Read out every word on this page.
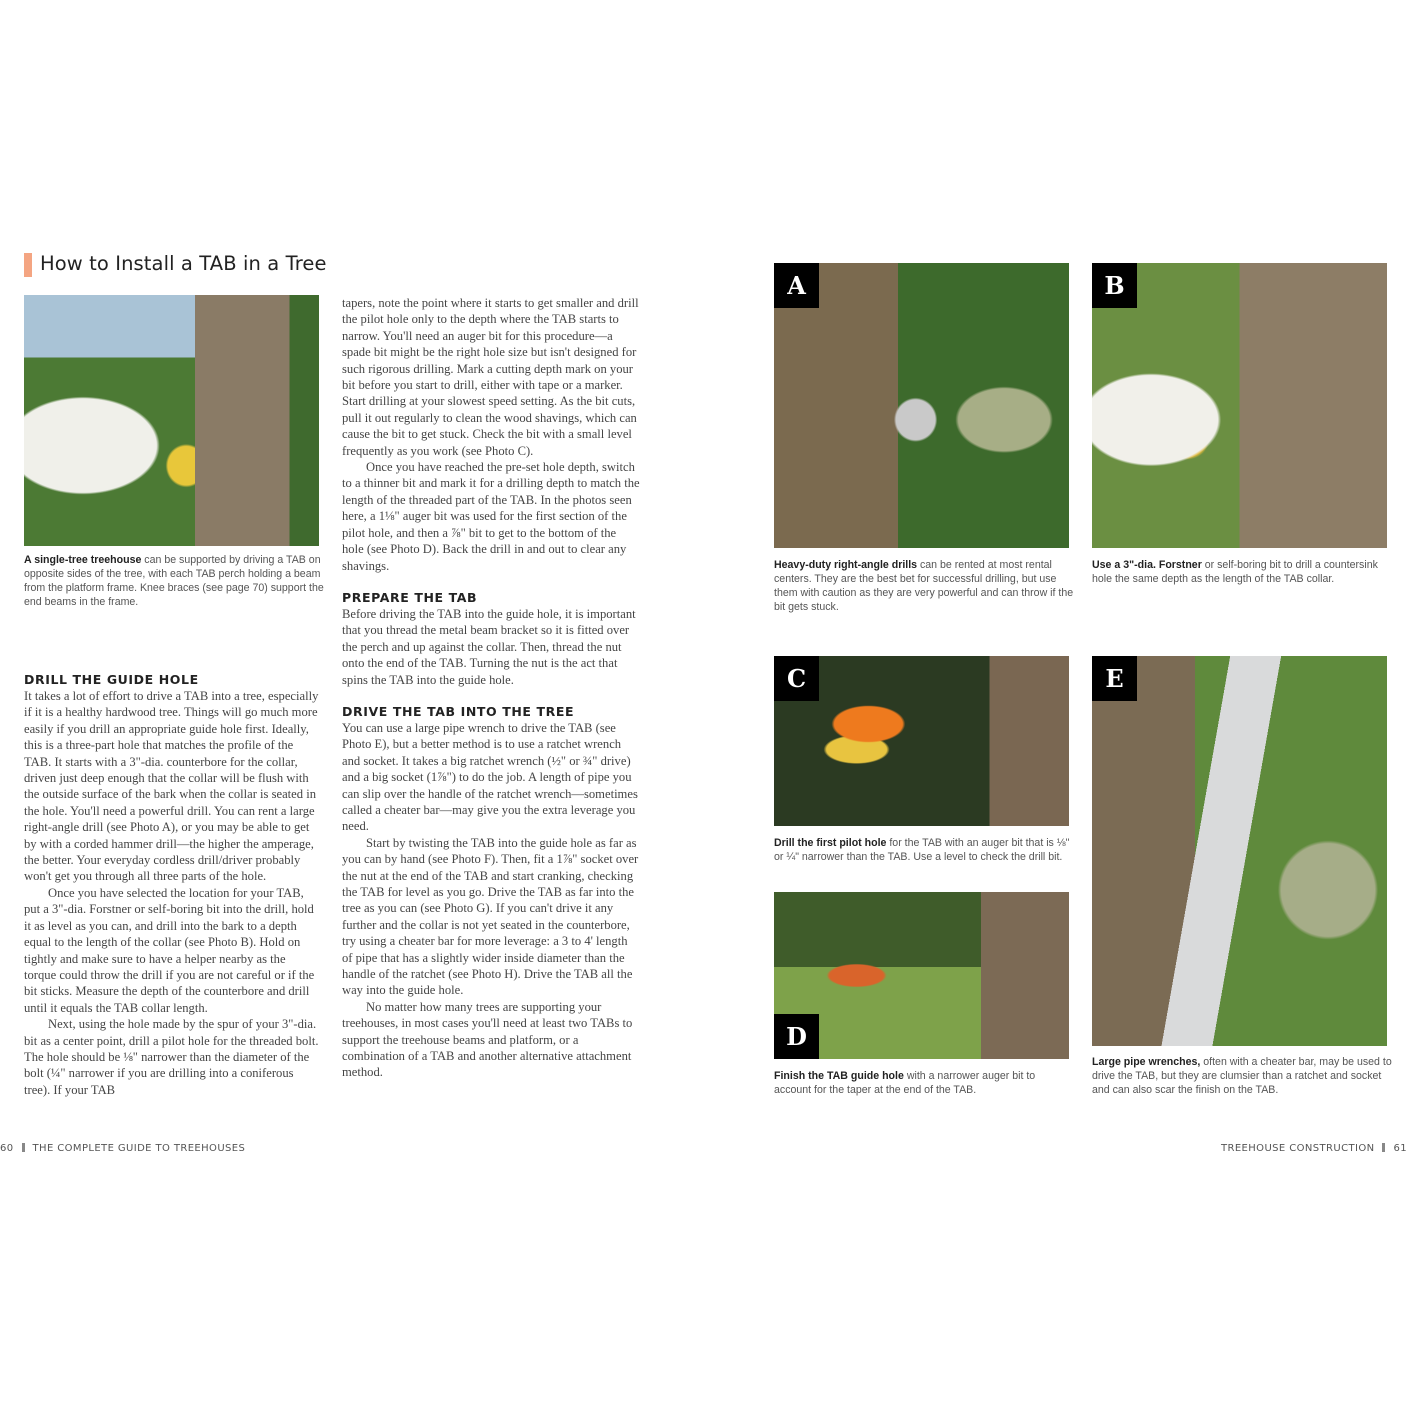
How to Install a TAB in a Tree
A single-tree treehouse can be supported by driving a TAB on opposite sides of the tree, with each TAB perch holding a beam from the platform frame. Knee braces (see page 70) support the end beams in the frame.
DRILL THE GUIDE HOLE

It takes a lot of effort to drive a TAB into a tree, especially if it is a healthy hardwood tree. Things will go much more easily if you drill an appropriate guide hole first. Ideally, this is a three-part hole that matches the profile of the TAB. It starts with a 3"-dia. counterbore for the collar, driven just deep enough that the collar will be flush with the outside surface of the bark when the collar is seated in the hole. You'll need a powerful drill. You can rent a large right-angle drill (see Photo A), or you may be able to get by with a corded hammer drill—the higher the amperage, the better. Your everyday cordless drill/driver probably won't get you through all three parts of the hole.

Once you have selected the location for your TAB, put a 3"-dia. Forstner or self-boring bit into the drill, hold it as level as you can, and drill into the bark to a depth equal to the length of the collar (see Photo B). Hold on tightly and make sure to have a helper nearby as the torque could throw the drill if you are not careful or if the bit sticks. Measure the depth of the counterbore and drill until it equals the TAB collar length.

Next, using the hole made by the spur of your 3"-dia. bit as a center point, drill a pilot hole for the threaded bolt. The hole should be ⅛" narrower than the diameter of the bolt (¼" narrower if you are drilling into a coniferous tree). If your TAB

tapers, note the point where it starts to get smaller and drill the pilot hole only to the depth where the TAB starts to narrow. You'll need an auger bit for this procedure—a spade bit might be the right hole size but isn't designed for such rigorous drilling. Mark a cutting depth mark on your bit before you start to drill, either with tape or a marker. Start drilling at your slowest speed setting. As the bit cuts, pull it out regularly to clean the wood shavings, which can cause the bit to get stuck. Check the bit with a small level frequently as you work (see Photo C).

Once you have reached the pre-set hole depth, switch to a thinner bit and mark it for a drilling depth to match the length of the threaded part of the TAB. In the photos seen here, a 1⅛" auger bit was used for the first section of the pilot hole, and then a ⅞" bit to get to the bottom of the hole (see Photo D). Back the drill in and out to clear any shavings.

PREPARE THE TAB

Before driving the TAB into the guide hole, it is important that you thread the metal beam bracket so it is fitted over the perch and up against the collar. Then, thread the nut onto the end of the TAB. Turning the nut is the act that spins the TAB into the guide hole.

DRIVE THE TAB INTO THE TREE

You can use a large pipe wrench to drive the TAB (see Photo E), but a better method is to use a ratchet wrench and socket. It takes a big ratchet wrench (½" or ¾" drive) and a big socket (1⅞") to do the job. A length of pipe you can slip over the handle of the ratchet wrench—sometimes called a cheater bar—may give you the extra leverage you need.

Start by twisting the TAB into the guide hole as far as you can by hand (see Photo F). Then, fit a 1⅞" socket over the nut at the end of the TAB and start cranking, checking the TAB for level as you go. Drive the TAB as far into the tree as you can (see Photo G). If you can't drive it any further and the collar is not yet seated in the counterbore, try using a cheater bar for more leverage: a 3 to 4' length of pipe that has a slightly wider inside diameter than the handle of the ratchet (see Photo H). Drive the TAB all the way into the guide hole.

No matter how many trees are supporting your treehouses, in most cases you'll need at least two TABs to support the treehouse beams and platform, or a combination of a TAB and another alternative attachment method.

60 THE COMPLETE GUIDE TO TREEHOUSES
A
Heavy-duty right-angle drills can be rented at most rental centers. They are the best bet for successful drilling, but use them with caution as they are very powerful and can throw if the bit gets stuck.
B
Use a 3"-dia. Forstner or self-boring bit to drill a countersink hole the same depth as the length of the TAB collar.
C
Drill the first pilot hole for the TAB with an auger bit that is ⅛" or ¼" narrower than the TAB. Use a level to check the drill bit.
D
Finish the TAB guide hole with a narrower auger bit to account for the taper at the end of the TAB.
E
Large pipe wrenches, often with a cheater bar, may be used to drive the TAB, but they are clumsier than a ratchet and socket and can also scar the finish on the TAB.
TREEHOUSE CONSTRUCTION 61
